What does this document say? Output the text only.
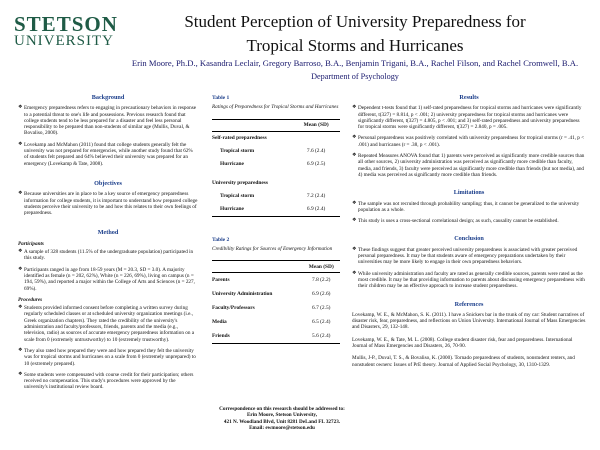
STETSON
UNIVERSITY
Student Perception of University Preparedness for
Tropical Storms and Hurricanes
Erin Moore, Ph.D., Kasandra Leclair, Gregory Barroso, B.A., Benjamin Trigani, B.A., Rachel Filson, and Rachel Cromwell, B.A.
Department of Psychology
Background
❖ Emergency preparedness refers to engaging in precautionary behaviors in response to a potential threat to one's life and possessions. Previous research found that college students tend to be less prepared for a disaster and feel less personal responsibility to be prepared than non-students of similar age (Mullis, Duval, & Bovaliso, 2000).
❖ Lovekamp and McMahon (2011) found that college students generally felt the university was not prepared for emergencies, while another study found that 62% of students felt prepared and 64% believed their university was prepared for an emergency (Lovekamp & Tate, 2008).
Objectives
❖ Because universities are in place to be a key source of emergency preparedness information for college students, it is important to understand how prepared college students perceive their university to be and how this relates to their own feelings of preparedness.
Method
Participants
❖ A sample of 328 students (11.5% of the undergraduate population) participated in this study.
❖ Participants ranged in age from 18-59 years (M = 20.3, SD = 3.0). A majority identified as female (n = 202, 62%), White (n = 226, 69%), living on campus (n = 194, 59%), and reported a major within the College of Arts and Sciences (n = 227, 69%).
Procedures
❖ Students provided informed consent before completing a written survey during regularly scheduled classes or at scheduled university organization meetings (i.e., Greek organization chapters). They rated the credibility of the university's administration and faculty/professors, friends, parents and the media (e.g., television, radio) as sources of accurate emergency preparedness information on a scale from 0 (extremely untrustworthy) to 10 (extremely trustworthy).
❖ They also rated how prepared they were and how prepared they felt the university was for tropical storms and hurricanes on a scale from 0 (extremely unprepared) to 10 (extremely prepared).
❖ Some students were compensated with course credit for their participation; others received no compensation. This study's procedures were approved by the university's institutional review board.
Table 1
Ratings of Preparedness for Tropical Storms and Hurricanes
	Mean (SD)
Self-rated preparedness	
Tropical storm	7.6 (2.4)
Hurricane	6.9 (2.5)

University preparedness	
Tropical storm	7.2 (2.4)
Hurricane	6.9 (2.4)
Table 2
Credibility Ratings for Sources of Emergency Information
	Mean (SD)
Parents	7.8 (2.2)
University Administration	6.9 (2.6)
Faculty/Professors	6.7 (2.5)
Media	6.5 (2.4)
Friends	5.6 (2.4)
Correspondence on this research should be addressed to:
Erin Moore, Stetson University,
421 N. Woodland Blvd, Unit 8281 DeLand FL 32723.
Email: ewmoore@stetson.edu
Results
❖ Dependent t-tests found that 1) self-rated preparedness for tropical storms and hurricanes were significantly different, t(327) = 8.814, p < .001; 2) university preparedness for tropical storms and hurricanes were significantly different, t(327) = 4.805, p < .001; and 3) self-rated preparedness and university preparedness for tropical storms were significantly different, t(327) = 2.840, p = .005.
❖ Personal preparedness was positively correlated with university preparedness for tropical storms (r = .41, p < .001) and hurricanes (r = .38, p < .001).
❖ Repeated Measures ANOVA found that 1) parents were perceived as significantly more credible sources than all other sources, 2) university administration was perceived as significantly more credible than faculty, media, and friends, 3) faculty were perceived as significantly more credible than friends (but not media), and 4) media was perceived as significantly more credible than friends.
Limitations
❖ The sample was not recruited through probability sampling; thus, it cannot be generalized to the university population as a whole.
❖ This study is uses a cross-sectional correlational design; as such, causality cannot be established.
Conclusion
❖ These findings suggest that greater perceived university preparedness is associated with greater perceived personal preparedness. It may be that students aware of emergency preparations undertaken by their universities may be more likely to engage in their own preparedness behaviors.
❖ While university administration and faculty are rated as generally credible sources, parents were rated as the most credible. It may be that providing information to parents about discussing emergency preparedness with their children may be an effective approach to increase student preparedness.
References
Lovekamp, W. E., & McMahon, S. K. (2011). I have a Snickers bar in the trunk of my car: Student narratives of disaster risk, fear, preparedness, and reflections on Union University. International Journal of Mass Emergencies and Disasters, 29, 132-148.
Lovekamp, W. E., & Tate, M. L. (2008). College student disaster risk, fear and preparedness. International Journal of Mass Emergencies and Disasters, 26, 70-90.
Mullis, J-P., Duval, T. S., & Bovaliso, K. (2000). Tornado preparedness of students, nonstudent renters, and nonstudent owners: Issues of PrE theory. Journal of Applied Social Psychology, 30, 1310-1329.
